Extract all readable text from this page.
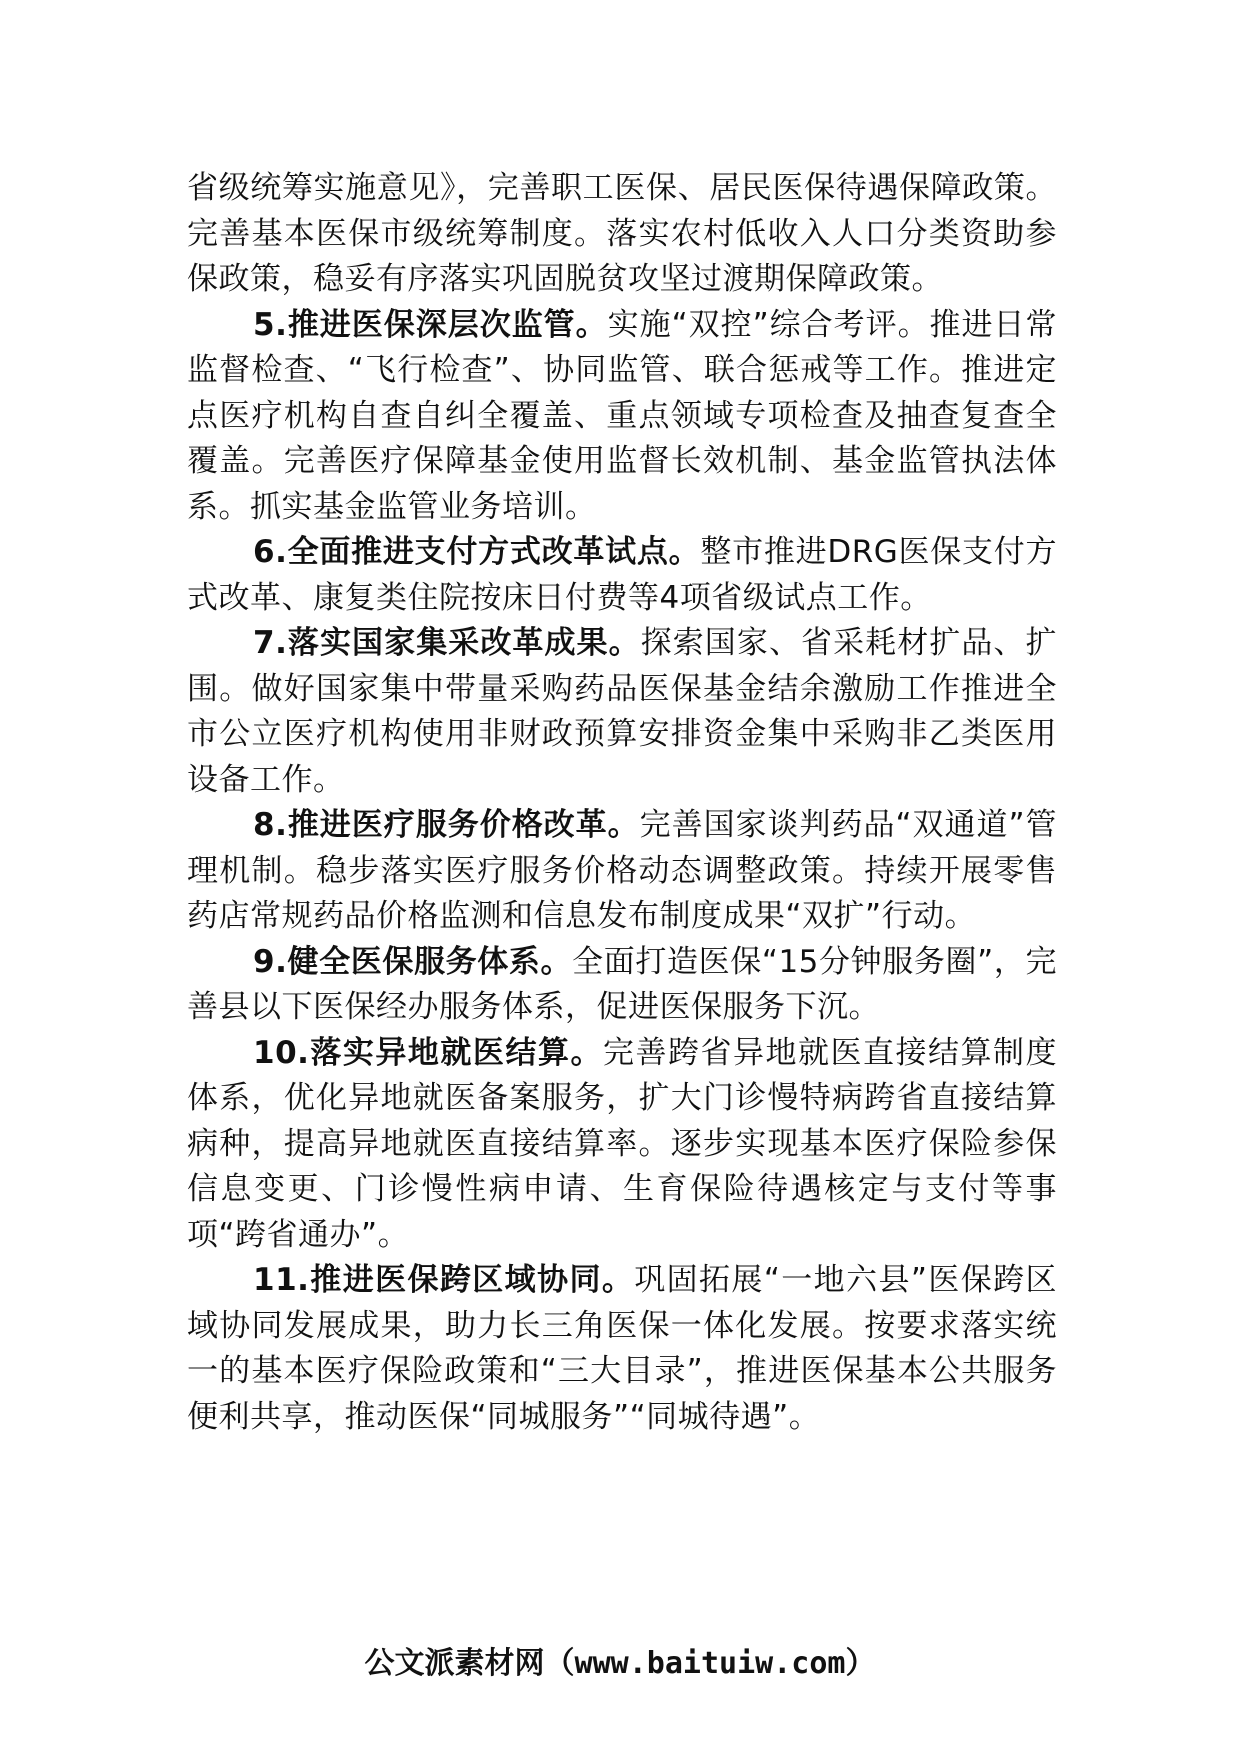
省级统筹实施意见》，完善职工医保、居民医保待遇保障政策。完善基本医保市级统筹制度。落实农村低收入人口分类资助参保政策，稳妥有序落实巩固脱贫攻坚过渡期保障政策。

5.推进医保深层次监管。实施“双控”综合考评。推进日常监督检查、“飞行检查”、协同监管、联合惩戒等工作。推进定点医疗机构自查自纠全覆盖、重点领域专项检查及抽查复查全覆盖。完善医疗保障基金使用监督长效机制、基金监管执法体系。抓实基金监管业务培训。

6.全面推进支付方式改革试点。整市推进DRG医保支付方式改革、康复类住院按床日付费等4项省级试点工作。

7.落实国家集采改革成果。探索国家、省采耗材扩品、扩围。做好国家集中带量采购药品医保基金结余激励工作推进全市公立医疗机构使用非财政预算安排资金集中采购非乙类医用设备工作。

8.推进医疗服务价格改革。完善国家谈判药品“双通道”管理机制。稳步落实医疗服务价格动态调整政策。持续开展零售药店常规药品价格监测和信息发布制度成果“双扩”行动。

9.健全医保服务体系。全面打造医保“15分钟服务圈”，完善县以下医保经办服务体系，促进医保服务下沉。

10.落实异地就医结算。完善跨省异地就医直接结算制度体系，优化异地就医备案服务，扩大门诊慢特病跨省直接结算病种，提高异地就医直接结算率。逐步实现基本医疗保险参保信息变更、门诊慢性病申请、生育保险待遇核定与支付等事项“跨省通办”。

11.推进医保跨区域协同。巩固拓展“一地六县”医保跨区域协同发展成果，助力长三角医保一体化发展。按要求落实统一的基本医疗保险政策和“三大目录”，推进医保基本公共服务便利共享，推动医保“同城服务”“同城待遇”。

公文派素材网（www.baituiw.com）
